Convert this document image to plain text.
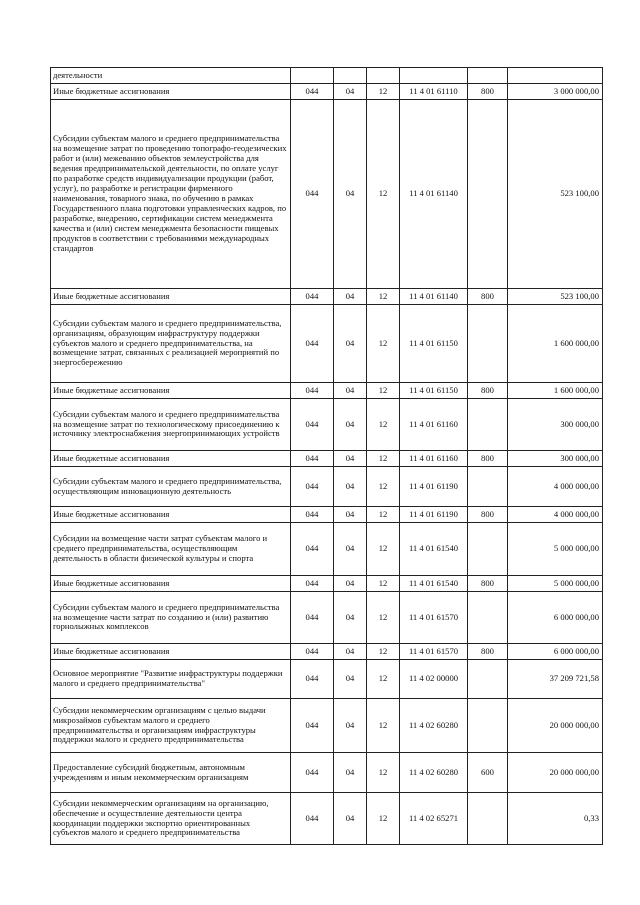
деятельности						
Иные бюджетные ассигнования	044	04	12	11 4 01 61110	800	3 000 000,00
Субсидии субъектам малого и среднего предпринимательства на возмещение затрат по проведению топографо-геодезических работ и (или) межеванию объектов землеустройства для ведения предпринимательской деятельности, по оплате услуг по разработке средств индивидуализации продукции (работ, услуг), по разработке и регистрации фирменного наименования, товарного знака, по обучению в рамках Государственного плана подготовки управленческих кадров, по разработке, внедрению, сертификации систем менеджмента качества и (или) систем менеджмента безопасности пищевых продуктов в соответствии с требованиями международных стандартов	044	04	12	11 4 01 61140		523 100,00
Иные бюджетные ассигнования	044	04	12	11 4 01 61140	800	523 100,00
Субсидии субъектам малого и среднего предпринимательства, организациям, образующим инфраструктуру поддержки субъектов малого и среднего предпринимательства, на возмещение затрат, связанных с реализацией мероприятий по энергосбережению	044	04	12	11 4 01 61150		1 600 000,00
Иные бюджетные ассигнования	044	04	12	11 4 01 61150	800	1 600 000,00
Субсидии субъектам малого и среднего предпринимательства на возмещение затрат по технологическому присоединению к источнику электроснабжения энергопринимающих устройств	044	04	12	11 4 01 61160		300 000,00
Иные бюджетные ассигнования	044	04	12	11 4 01 61160	800	300 000,00
Субсидии субъектам малого и среднего предпринимательства, осуществляющим инновационную деятельность	044	04	12	11 4 01 61190		4 000 000,00
Иные бюджетные ассигнования	044	04	12	11 4 01 61190	800	4 000 000,00
Субсидии на возмещение части затрат субъектам малого и среднего предпринимательства, осуществляющим деятельность в области физической культуры и спорта	044	04	12	11 4 01 61540		5 000 000,00
Иные бюджетные ассигнования	044	04	12	11 4 01 61540	800	5 000 000,00
Субсидии субъектам малого и среднего предпринимательства на возмещение части затрат по созданию и (или) развитию горнолыжных комплексов	044	04	12	11 4 01 61570		6 000 000,00
Иные бюджетные ассигнования	044	04	12	11 4 01 61570	800	6 000 000,00
Основное мероприятие "Развитие инфраструктуры поддержки малого и среднего предпринимательства"	044	04	12	11 4 02 00000		37 209 721,58
Субсидии некоммерческим организациям с целью выдачи микрозаймов субъектам малого и среднего предпринимательства и организациям инфраструктуры поддержки малого и среднего предпринимательства	044	04	12	11 4 02 60280		20 000 000,00
Предоставление субсидий бюджетным, автономным учреждениям и иным некоммерческим организациям	044	04	12	11 4 02 60280	600	20 000 000,00
Субсидии некоммерческим организациям на организацию, обеспечение и осуществление деятельности центра координации поддержки экспортно ориентированных субъектов малого и среднего предпринимательства	044	04	12	11 4 02 65271		0,33
